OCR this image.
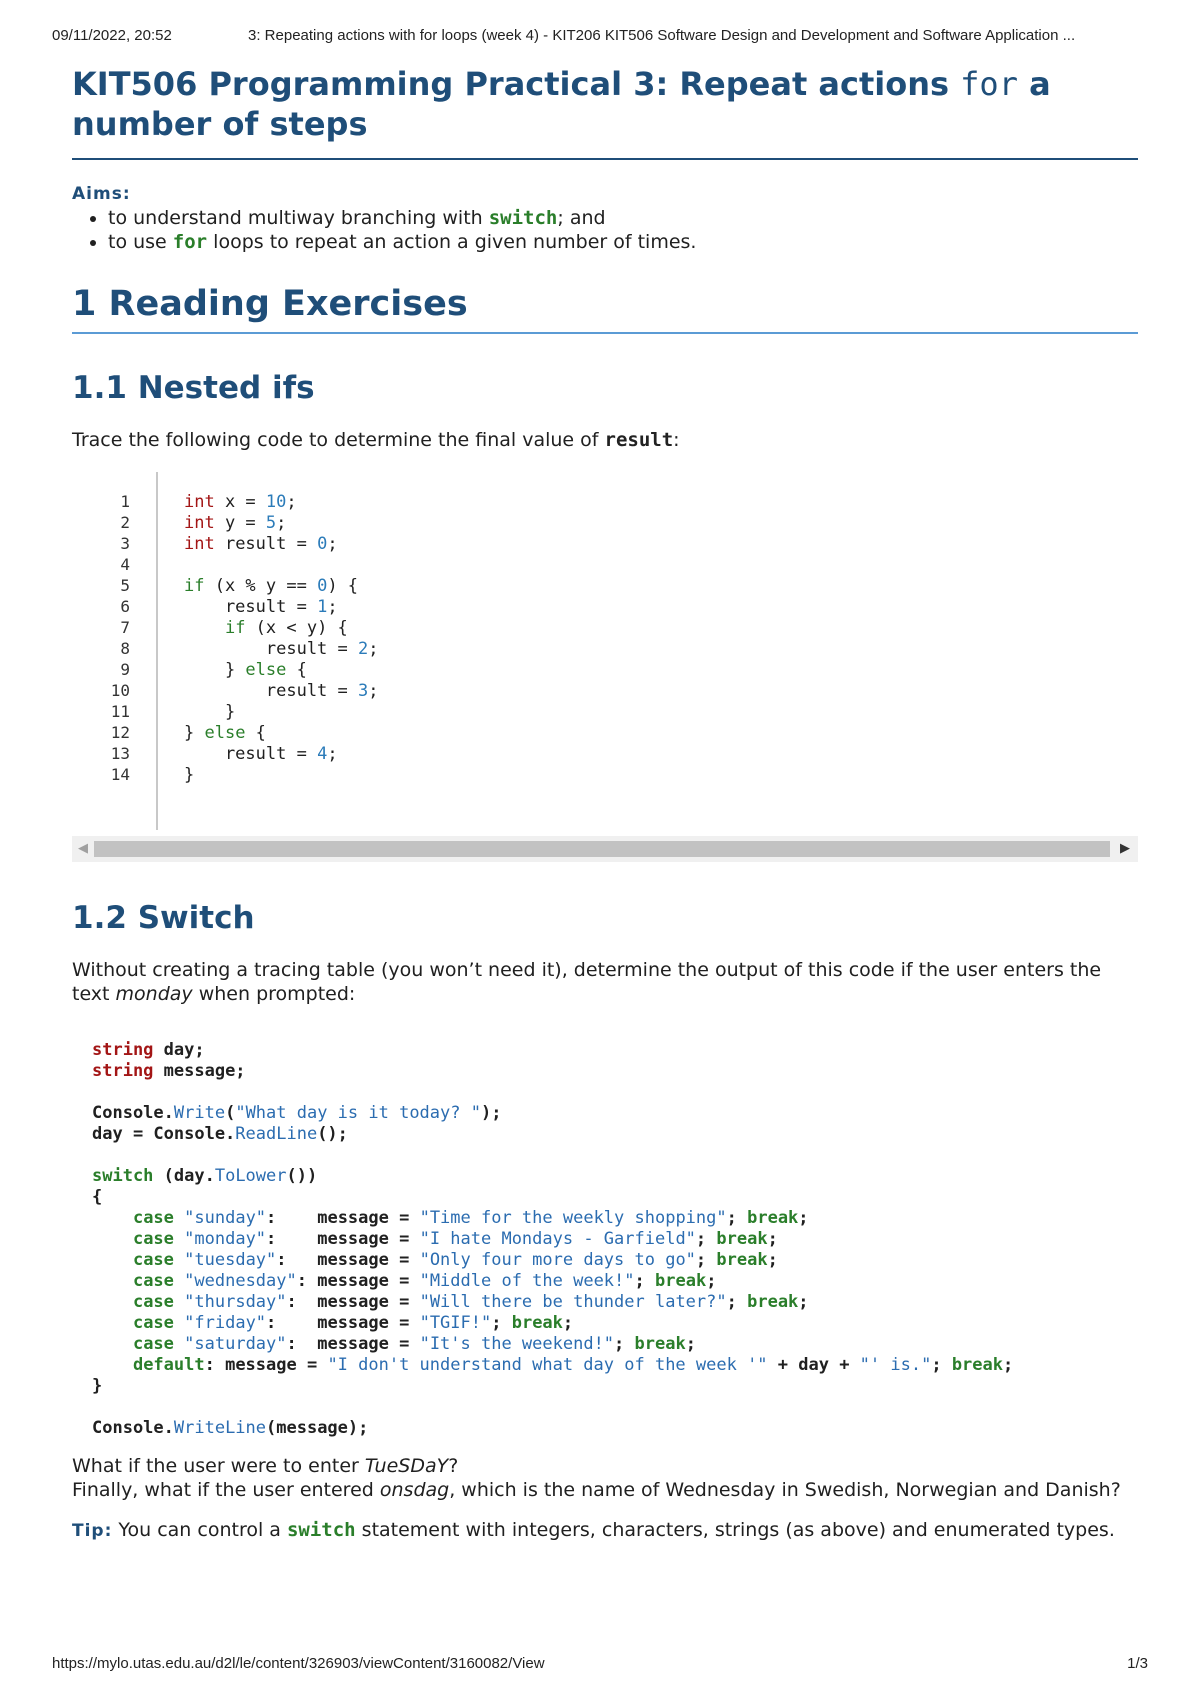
09/11/2022, 20:52	3: Repeating actions with for loops (week 4) - KIT206 KIT506 Software Design and Development and Software Application ...
KIT506 Programming Practical 3: Repeat actions for a number of steps
Aims:
• to understand multiway branching with switch; and
• to use for loops to repeat an action a given number of times.
1 Reading Exercises
1.1 Nested ifs

Trace the following code to determine the final value of result:

1
2
3
4
5
6
7
8
9
10
11
12
13
14
int x = 10;
int y = 5;
int result = 0;
if (x % y == 0) {
result = 1;
if (x < y) {
result = 2;
} else {
result = 3;
}
} else {
result = 4;
}
◀	▶
1.2 Switch

Without creating a tracing table (you won’t need it), determine the output of this code if the user enters the text monday when prompted:

string day;
string message;
Console.Write("What day is it today? ");
day = Console.ReadLine();
switch (day.ToLower())
{
case "sunday":    message = "Time for the weekly shopping"; break;
case "monday":    message = "I hate Mondays - Garfield"; break;
case "tuesday":   message = "Only four more days to go"; break;
case "wednesday": message = "Middle of the week!"; break;
case "thursday":  message = "Will there be thunder later?"; break;
case "friday":    message = "TGIF!"; break;
case "saturday":  message = "It's the weekend!"; break;
default: message = "I don't understand what day of the week '" + day + "' is."; break;
}
Console.WriteLine(message);

What if the user were to enter TueSDaY?

Finally, what if the user entered onsdag, which is the name of Wednesday in Swedish, Norwegian and Danish?

Tip: You can control a switch statement with integers, characters, strings (as above) and enumerated types.
https://mylo.utas.edu.au/d2l/le/content/326903/viewContent/3160082/View	1/3
